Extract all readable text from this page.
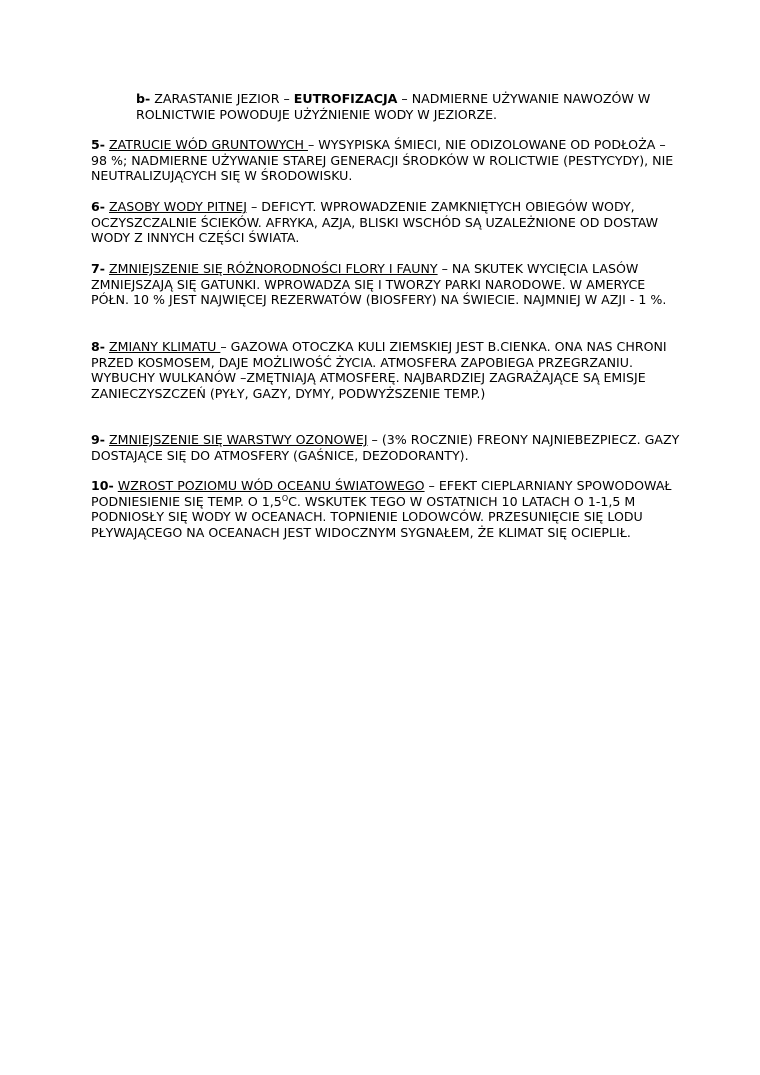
b- ZARASTANIE JEZIOR – EUTROFIZACJA – NADMIERNE UŻYWANIE NAWOZÓW W ROLNICTWIE POWODUJE UŻYŹNIENIE WODY W JEZIORZE.

5- ZATRUCIE WÓD GRUNTOWYCH – WYSYPISKA ŚMIECI, NIE ODIZOLOWANE OD PODŁOŻA – 98 %; NADMIERNE UŻYWANIE STAREJ GENERACJI ŚRODKÓW W ROLICTWIE (PESTYCYDY), NIE NEUTRALIZUJĄCYCH SIĘ W ŚRODOWISKU.

6- ZASOBY WODY PITNEJ – DEFICYT. WPROWADZENIE ZAMKNIĘTYCH OBIEGÓW WODY, OCZYSZCZALNIE ŚCIEKÓW. AFRYKA, AZJA, BLISKI WSCHÓD SĄ UZALEŻNIONE OD DOSTAW WODY Z INNYCH CZĘŚCI ŚWIATA.

7- ZMNIEJSZENIE SIĘ RÓŻNORODNOŚCI FLORY I FAUNY – NA SKUTEK WYCIĘCIA LASÓW ZMNIEJSZAJĄ SIĘ GATUNKI. WPROWADZA SIĘ I TWORZY PARKI NARODOWE. W AMERYCE PÓŁN. 10 % JEST NAJWIĘCEJ REZERWATÓW (BIOSFERY) NA ŚWIECIE. NAJMNIEJ W AZJI - 1 %.

8- ZMIANY KLIMATU – GAZOWA OTOCZKA KULI ZIEMSKIEJ JEST B.CIENKA. ONA NAS CHRONI PRZED KOSMOSEM, DAJE MOŻLIWOŚĆ ŻYCIA. ATMOSFERA ZAPOBIEGA PRZEGRZANIU. WYBUCHY WULKANÓW –ZMĘTNIAJĄ ATMOSFERĘ. NAJBARDZIEJ ZAGRAŻAJĄCE SĄ EMISJE ZANIECZYSZCZEŃ (PYŁY, GAZY, DYMY, PODWYŻSZENIE TEMP.)

9- ZMNIEJSZENIE SIĘ WARSTWY OZONOWEJ – (3% ROCZNIE) FREONY NAJNIEBEZPIECZ. GAZY DOSTAJĄCE SIĘ DO ATMOSFERY (GAŚNICE, DEZODORANTY).

10- WZROST POZIOMU WÓD OCEANU ŚWIATOWEGO – EFEKT CIEPLARNIANY SPOWODOWAŁ PODNIESIENIE SIĘ TEMP. O $1,5^OC$. WSKUTEK TEGO W OSTATNICH 10 LATACH O 1-1,5 M PODNIOSŁY SIĘ WODY W OCEANACH. TOPNIENIE LODOWCÓW. PRZESUNIĘCIE SIĘ LODU PŁYWAJĄCEGO NA OCEANACH JEST WIDOCZNYM SYGNAŁEM, ŻE KLIMAT SIĘ OCIEPLIŁ.
